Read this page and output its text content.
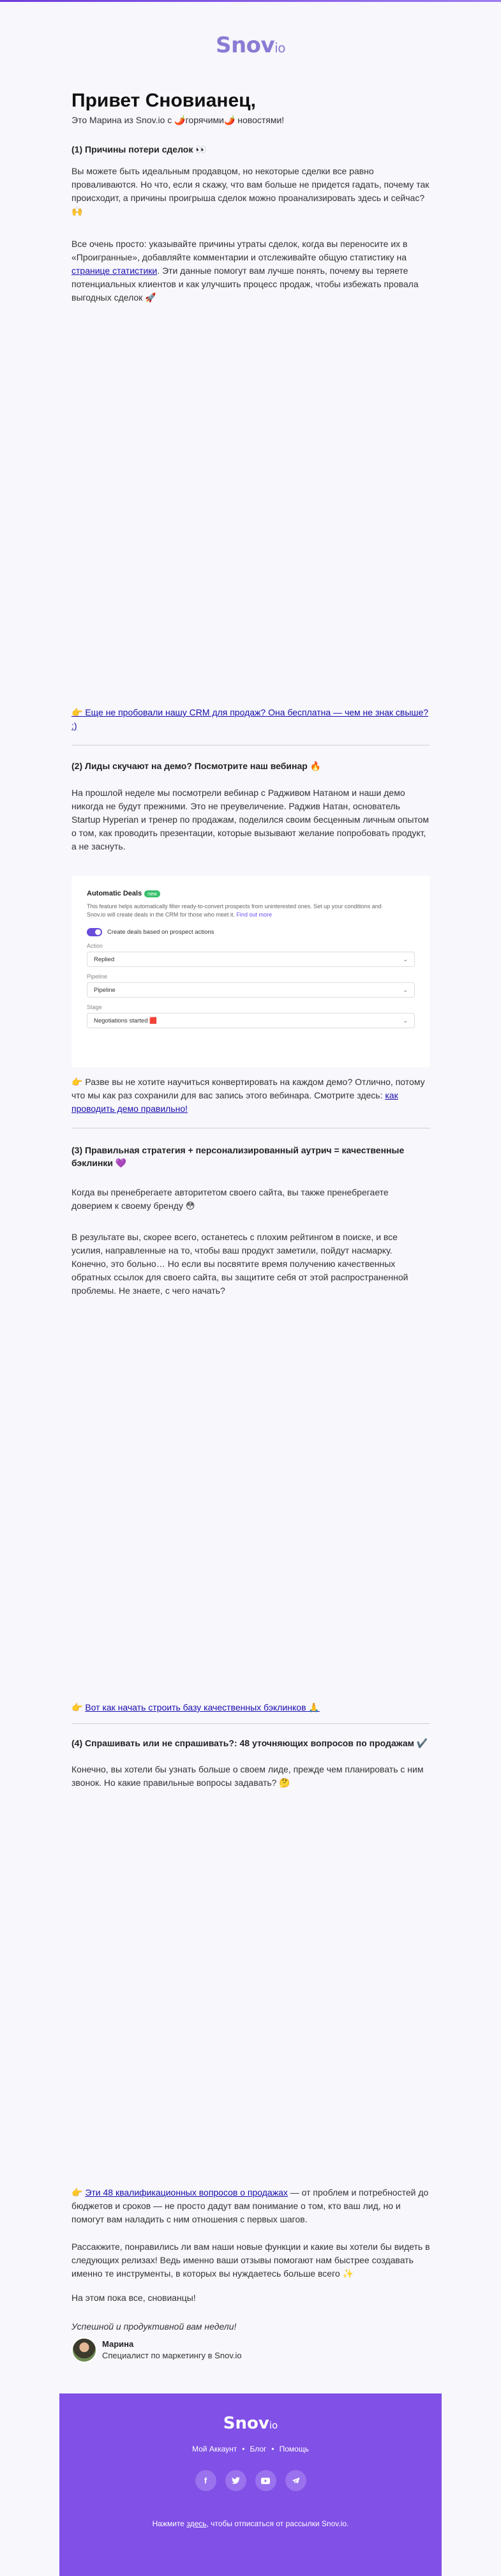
Snovio
Привет Сновианец,

Это Марина из Snov.io с 🌶️горячими🌶️ новостями!

(1) Причины потери сделок 👀

Вы можете быть идеальным продавцом, но некоторые сделки все равно проваливаются. Но что, если я скажу, что вам больше не придется гадать, почему так происходит, а причины проигрыша сделок можно проанализировать здесь и сейчас? 🙌

Все очень просто: указывайте причины утраты сделок, когда вы переносите их в «Проигранные», добавляйте комментарии и отслеживайте общую статистику на странице статистики. Эти данные помогут вам лучше понять, почему вы теряете потенциальных клиентов и как улучшить процесс продаж, чтобы избежать провала выгодных сделок 🚀

👉 Еще не пробовали нашу CRM для продаж? Она бесплатна — чем не знак свыше? :)

(2) Лиды скучают на демо? Посмотрите наш вебинар 🔥

На прошлой неделе мы посмотрели вебинар с Радживом Натаном и наши демо никогда не будут прежними. Это не преувеличение. Раджив Натан, основатель Startup Hyperian и тренер по продажам, поделился своим бесценным личным опытом о том, как проводить презентации, которые вызывают желание попробовать продукт, а не заснуть.

Automatic Deals new
This feature helps automatically filter ready-to-convert prospects from uninterested ones. Set up your conditions and Snov.io will create deals in the CRM for those who meet it. Find out more
Create deals based on prospect actions
Action
Replied	⌄
Pipeline
Pipeline	⌄
Stage
Negotiations started 🟥	⌄

👉 Разве вы не хотите научиться конвертировать на каждом демо? Отлично, потому что мы как раз сохранили для вас запись этого вебинара. Смотрите здесь: как проводить демо правильно!

(3) Правильная стратегия + персонализированный аутрич = качественные бэклинки 💜

Когда вы пренебрегаете авторитетом своего сайта, вы также пренебрегаете доверием к своему бренду 😳

В результате вы, скорее всего, останетесь с плохим рейтингом в поиске, и все усилия, направленные на то, чтобы ваш продукт заметили, пойдут насмарку. Конечно, это больно… Но если вы посвятите время получению качественных обратных ссылок для своего сайта, вы защитите себя от этой распространенной проблемы. Не знаете, с чего начать?

👉 Вот как начать строить базу качественных бэклинков 🙏

(4) Спрашивать или не спрашивать?: 48 уточняющих вопросов по продажам ✔️

Конечно, вы хотели бы узнать больше о своем лиде, прежде чем планировать с ним звонок. Но какие правильные вопросы задавать? 🤔

👉 Эти 48 квалификационных вопросов о продажах — от проблем и потребностей до бюджетов и сроков — не просто дадут вам понимание о том, кто ваш лид, но и помогут вам наладить с ним отношения с первых шагов.

Рассакжите, понравились ли вам наши новые функции и какие вы хотели бы видеть в следующих релизах! Ведь именно ваши отзывы помогают нам быстрее создавать именно те инструменты, в которых вы нуждаетесь больше всего ✨

На этом пока все, сновианцы!

Успешной и продуктивной вам недели!

Марина
Специалист по маркетингу в Snov.io
Snovio
Мой Аккаунт • Блог • Помощь
f
Нажмите здесь, чтобы отписаться от рассылки Snov.io.
